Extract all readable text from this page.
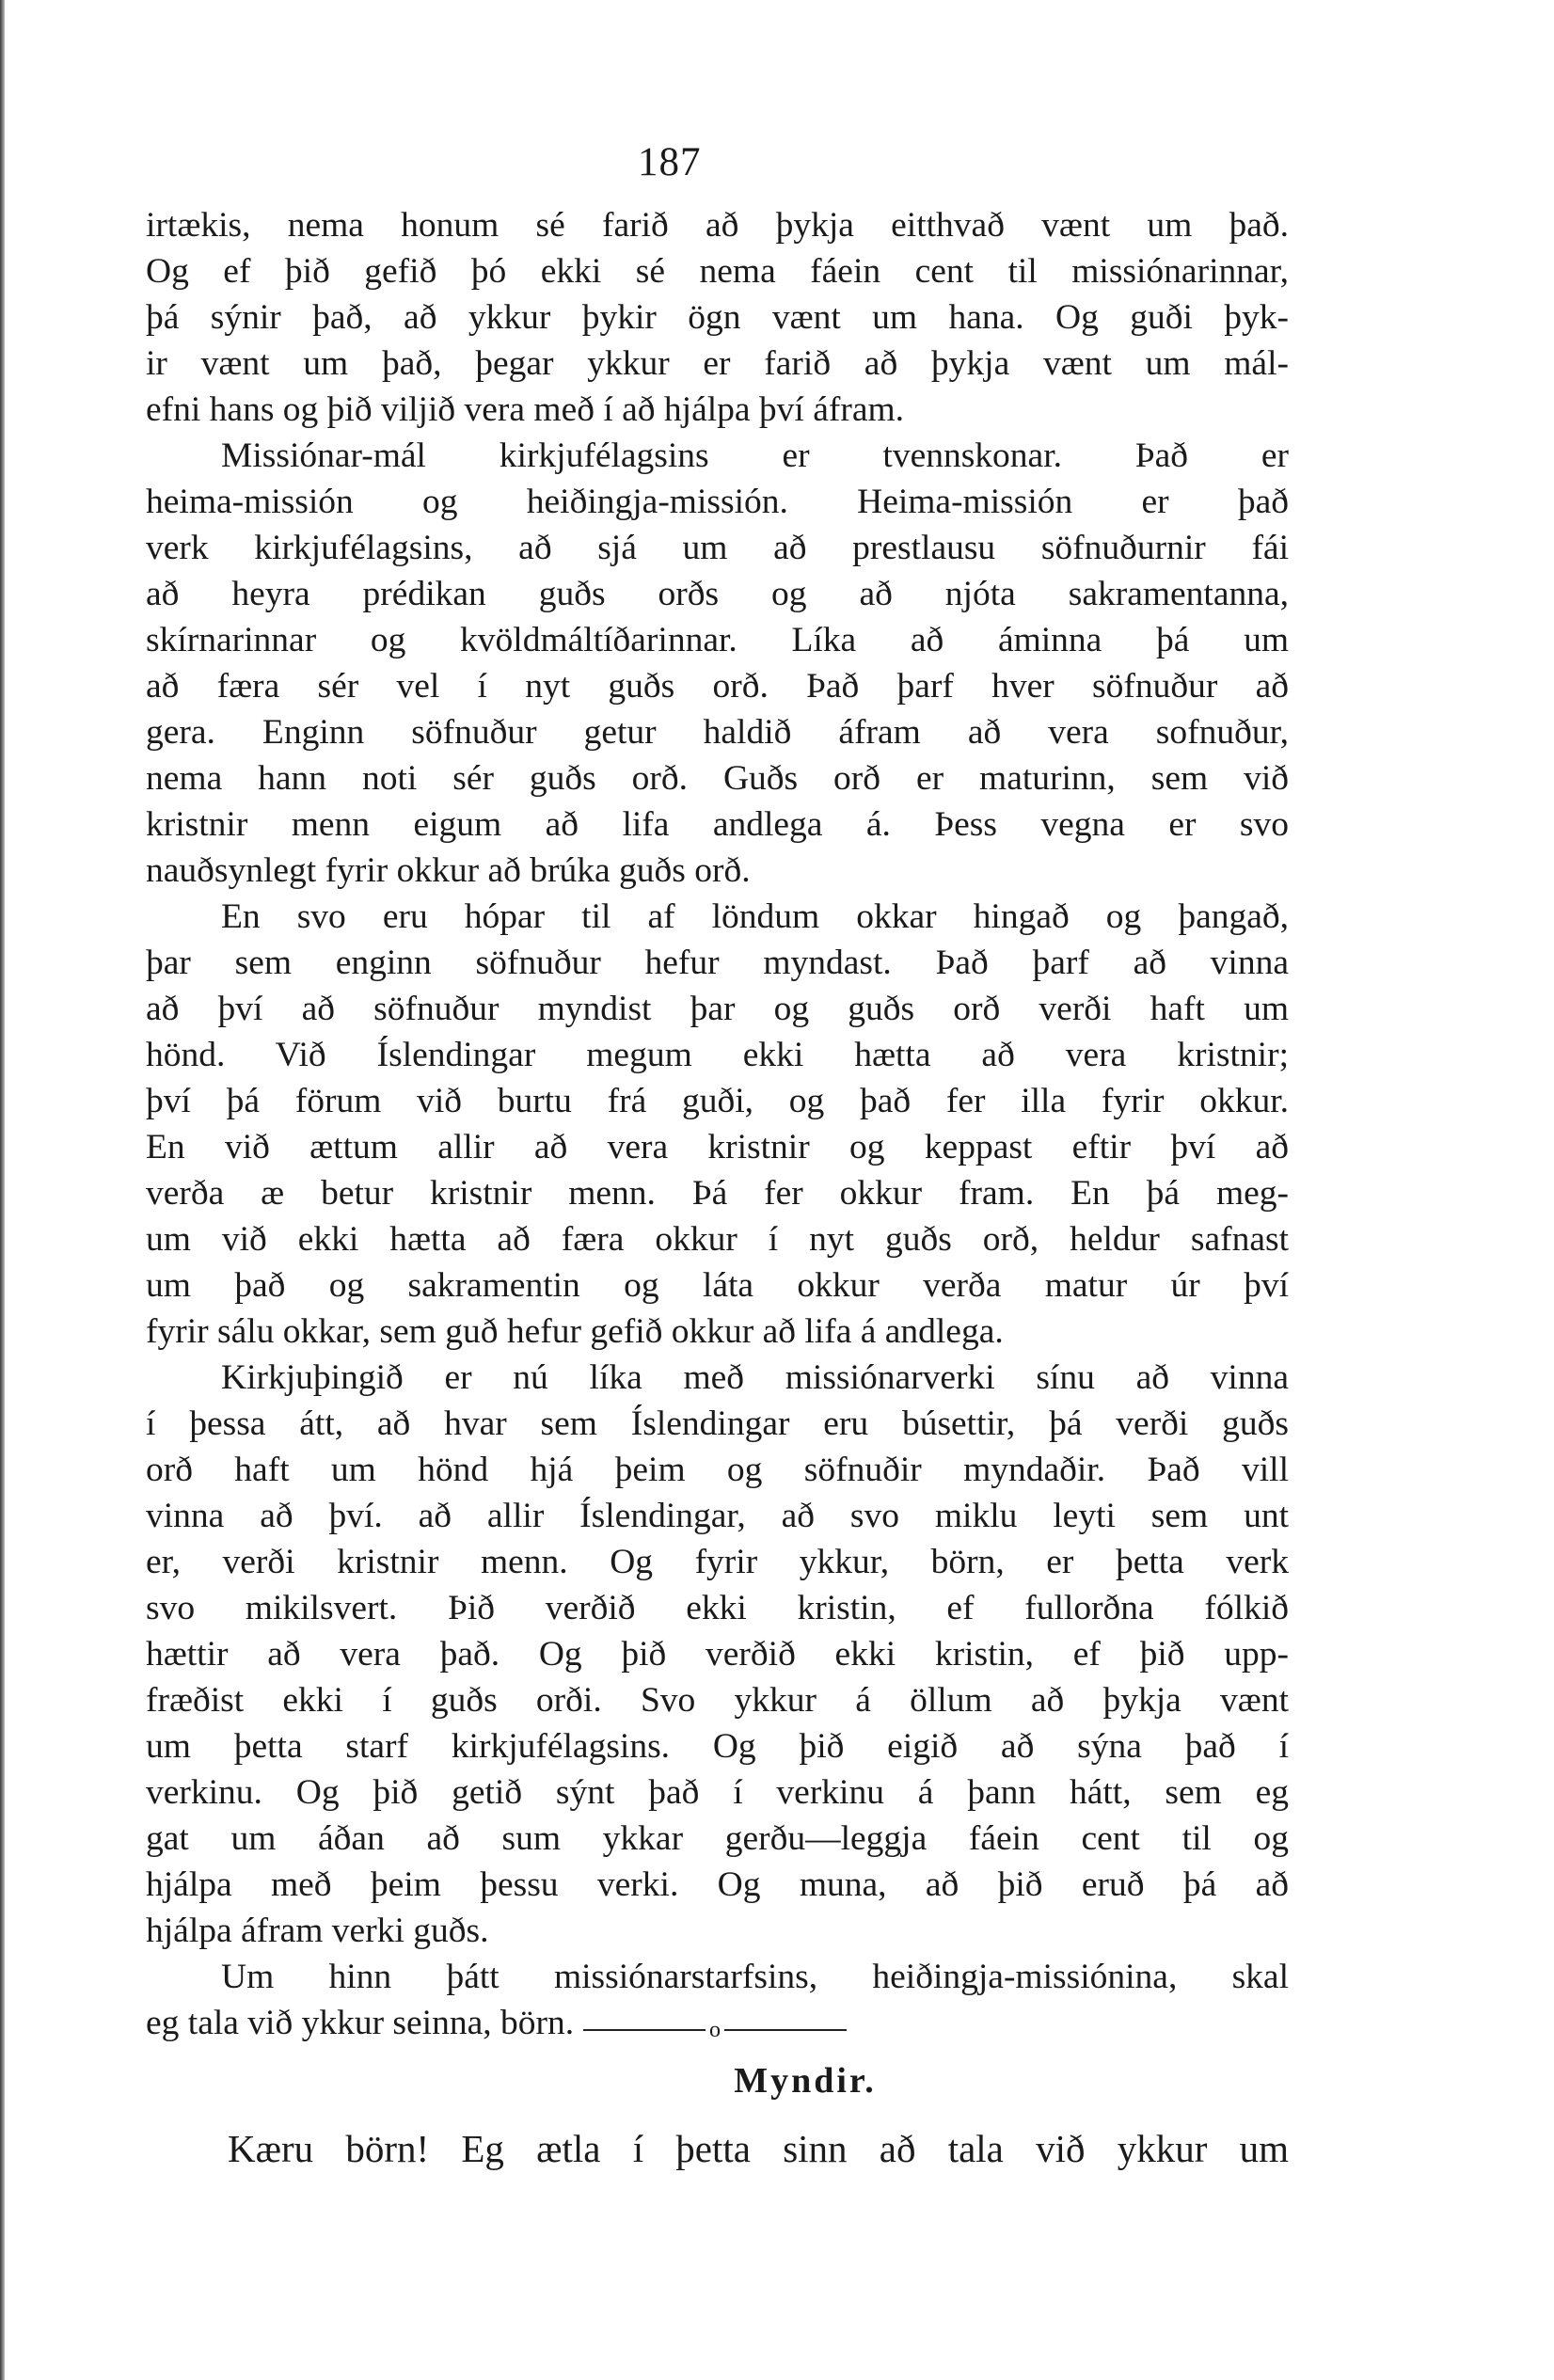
187
irtækis, nema honum sé farið að þykja eitthvað vænt um það.
Og ef þið gefið þó ekki sé nema fáein cent til missiónarinnar,
þá sýnir það, að ykkur þykir ögn vænt um hana. Og guði þyk-
ir vænt um það, þegar ykkur er farið að þykja vænt um mál-
efni hans og þið viljið vera með í að hjálpa því áfram.
Missiónar-mál kirkjufélagsins er tvennskonar. Það er
heima-missión og heiðingja-missión. Heima-missión er það
verk kirkjufélagsins, að sjá um að prestlausu söfnuðurnir fái
að heyra prédikan guðs orðs og að njóta sakramentanna,
skírnarinnar og kvöldmáltíðarinnar. Líka að áminna þá um
að færa sér vel í nyt guðs orð. Það þarf hver söfnuður að
gera. Enginn söfnuður getur haldið áfram að vera sofnuður,
nema hann noti sér guðs orð. Guðs orð er maturinn, sem við
kristnir menn eigum að lifa andlega á. Þess vegna er svo
nauðsynlegt fyrir okkur að brúka guðs orð.
En svo eru hópar til af löndum okkar hingað og þangað,
þar sem enginn söfnuður hefur myndast. Það þarf að vinna
að því að söfnuður myndist þar og guðs orð verði haft um
hönd. Við Íslendingar megum ekki hætta að vera kristnir;
því þá förum við burtu frá guði, og það fer illa fyrir okkur.
En við ættum allir að vera kristnir og keppast eftir því að
verða æ betur kristnir menn. Þá fer okkur fram. En þá meg-
um við ekki hætta að færa okkur í nyt guðs orð, heldur safnast
um það og sakramentin og láta okkur verða matur úr því
fyrir sálu okkar, sem guð hefur gefið okkur að lifa á andlega.
Kirkjuþingið er nú líka með missiónarverki sínu að vinna
í þessa átt, að hvar sem Íslendingar eru búsettir, þá verði guðs
orð haft um hönd hjá þeim og söfnuðir myndaðir. Það vill
vinna að því. að allir Íslendingar, að svo miklu leyti sem unt
er, verði kristnir menn. Og fyrir ykkur, börn, er þetta verk
svo mikilsvert. Þið verðið ekki kristin, ef fullorðna fólkið
hættir að vera það. Og þið verðið ekki kristin, ef þið upp-
fræðist ekki í guðs orði. Svo ykkur á öllum að þykja vænt
um þetta starf kirkjufélagsins. Og þið eigið að sýna það í
verkinu. Og þið getið sýnt það í verkinu á þann hátt, sem eg
gat um áðan að sum ykkar gerðu—leggja fáein cent til og
hjálpa með þeim þessu verki. Og muna, að þið eruð þá að
hjálpa áfram verki guðs.
Um hinn þátt missiónarstarfsins, heiðingja-missiónina, skal
eg tala við ykkur seinna, börn.	o
Myndir.
Kæru börn! Eg ætla í þetta sinn að tala við ykkur um
